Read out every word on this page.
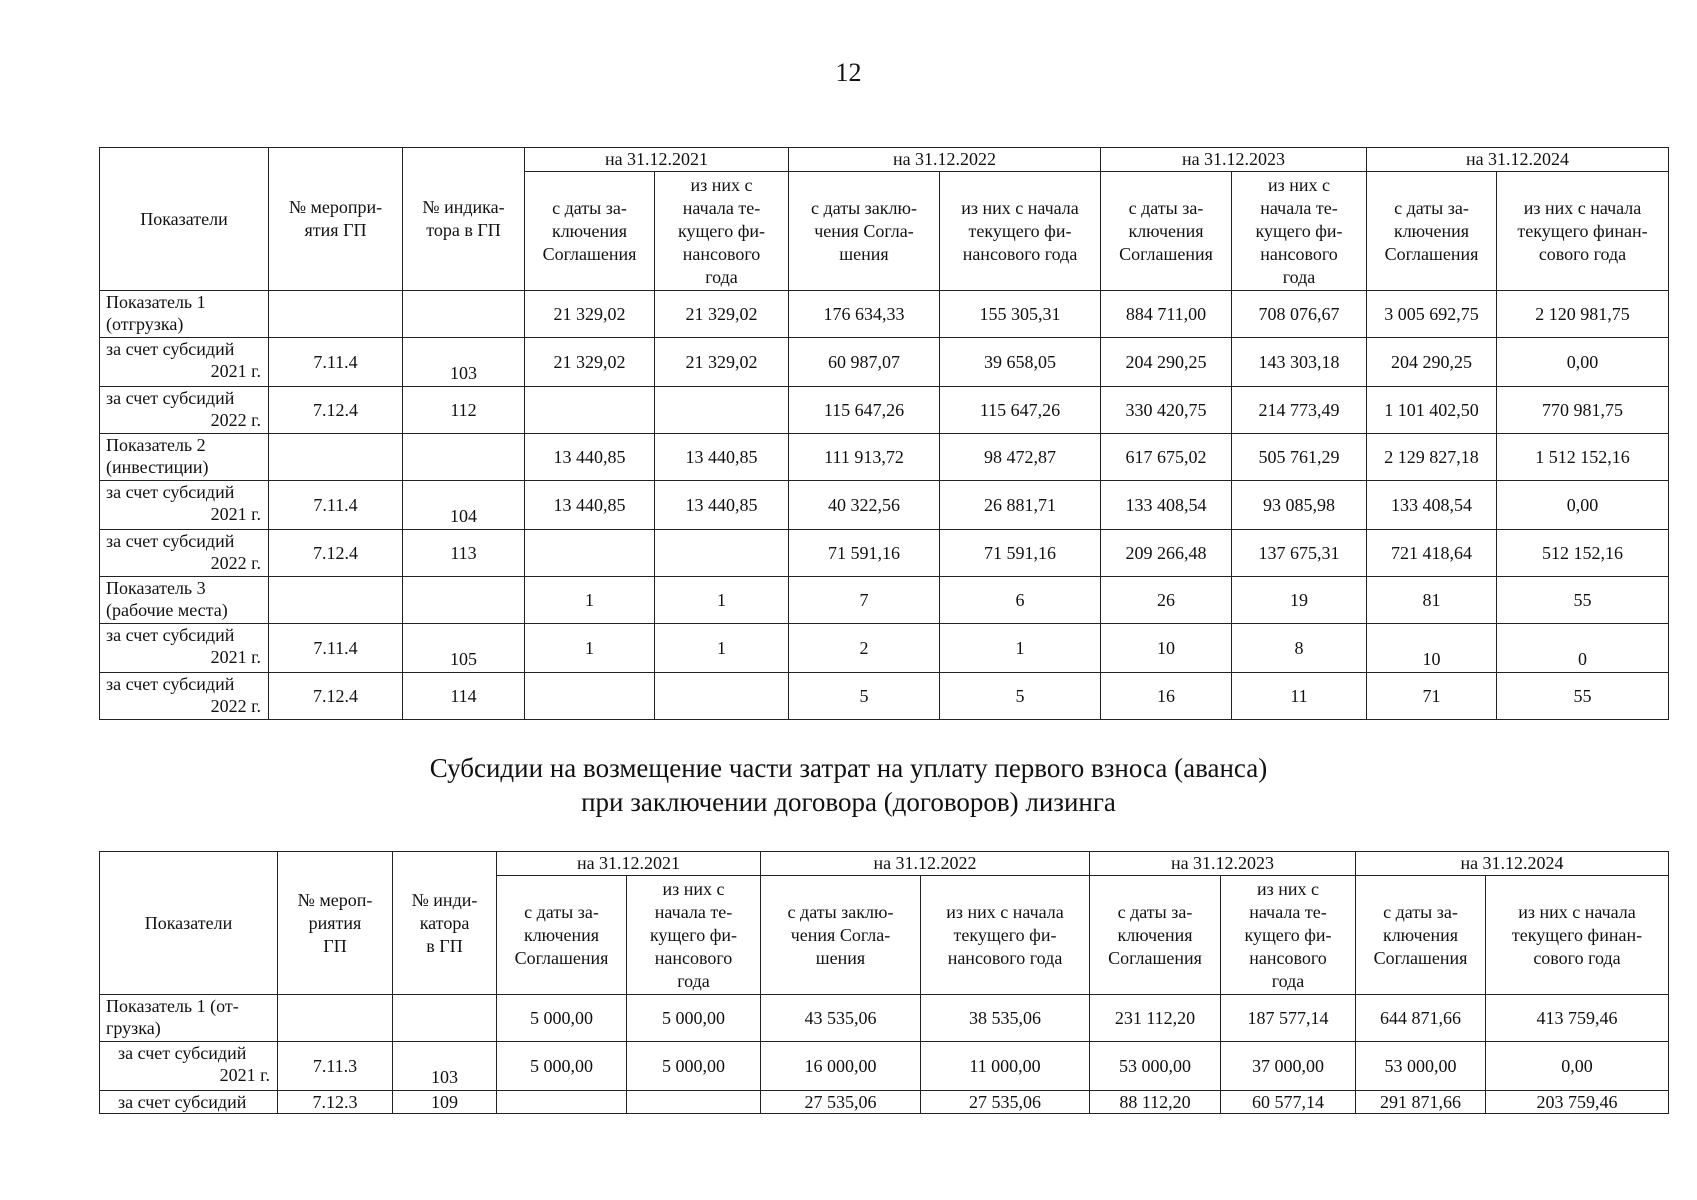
12
Показатели	№ меропри-
ятия ГП	№ индика-
тора в ГП	на 31.12.2021		на 31.12.2022		на 31.12.2023		на 31.12.2024	
			с даты за-
ключения
Соглашения	из них с
начала те-
кущего фи-
нансового
года	с даты заклю-
чения Согла-
шения	из них с начала
текущего фи-
нансового года	с даты за-
ключения
Соглашения	из них с
начала те-
кущего фи-
нансового
года	с даты за-
ключения
Соглашения	из них с начала
текущего финан-
сового года
Показатель 1
(отгрузка)			21 329,02	21 329,02	176 634,33	155 305,31	884 711,00	708 076,67	3 005 692,75	2 120 981,75
за счет субсидий
2021 г.	7.11.4	103	21 329,02	21 329,02	60 987,07	39 658,05	204 290,25	143 303,18	204 290,25	0,00
за счет субсидий
2022 г.	7.12.4	112			115 647,26	115 647,26	330 420,75	214 773,49	1 101 402,50	770 981,75
Показатель 2
(инвестиции)			13 440,85	13 440,85	111 913,72	98 472,87	617 675,02	505 761,29	2 129 827,18	1 512 152,16
за счет субсидий
2021 г.	7.11.4	104	13 440,85	13 440,85	40 322,56	26 881,71	133 408,54	93 085,98	133 408,54	0,00
за счет субсидий
2022 г.	7.12.4	113			71 591,16	71 591,16	209 266,48	137 675,31	721 418,64	512 152,16
Показатель 3
(рабочие места)			1	1	7	6	26	19	81	55
за счет субсидий
2021 г.	7.11.4	105	1	1	2	1	10	8	10	0
за счет субсидий
2022 г.	7.12.4	114			5	5	16	11	71	55
Субсидии на возмещение части затрат на уплату первого взноса (аванса)
при заключении договора (договоров) лизинга
Показатели	№ мероп-
риятия
ГП	№ инди-
катора
в ГП	на 31.12.2021		на 31.12.2022		на 31.12.2023		на 31.12.2024	
			с даты за-
ключения
Соглашения	из них с
начала те-
кущего фи-
нансового
года	с даты заклю-
чения Согла-
шения	из них с начала
текущего фи-
нансового года	с даты за-
ключения
Соглашения	из них с
начала те-
кущего фи-
нансового
года	с даты за-
ключения
Соглашения	из них с начала
текущего финан-
сового года
Показатель 1 (от-
грузка)			5 000,00	5 000,00	43 535,06	38 535,06	231 112,20	187 577,14	644 871,66	413 759,46
за счет субсидий
2021 г.	7.11.3	103	5 000,00	5 000,00	16 000,00	11 000,00	53 000,00	37 000,00	53 000,00	0,00
за счет субсидий	7.12.3	109			27 535,06	27 535,06	88 112,20	60 577,14	291 871,66	203 759,46
